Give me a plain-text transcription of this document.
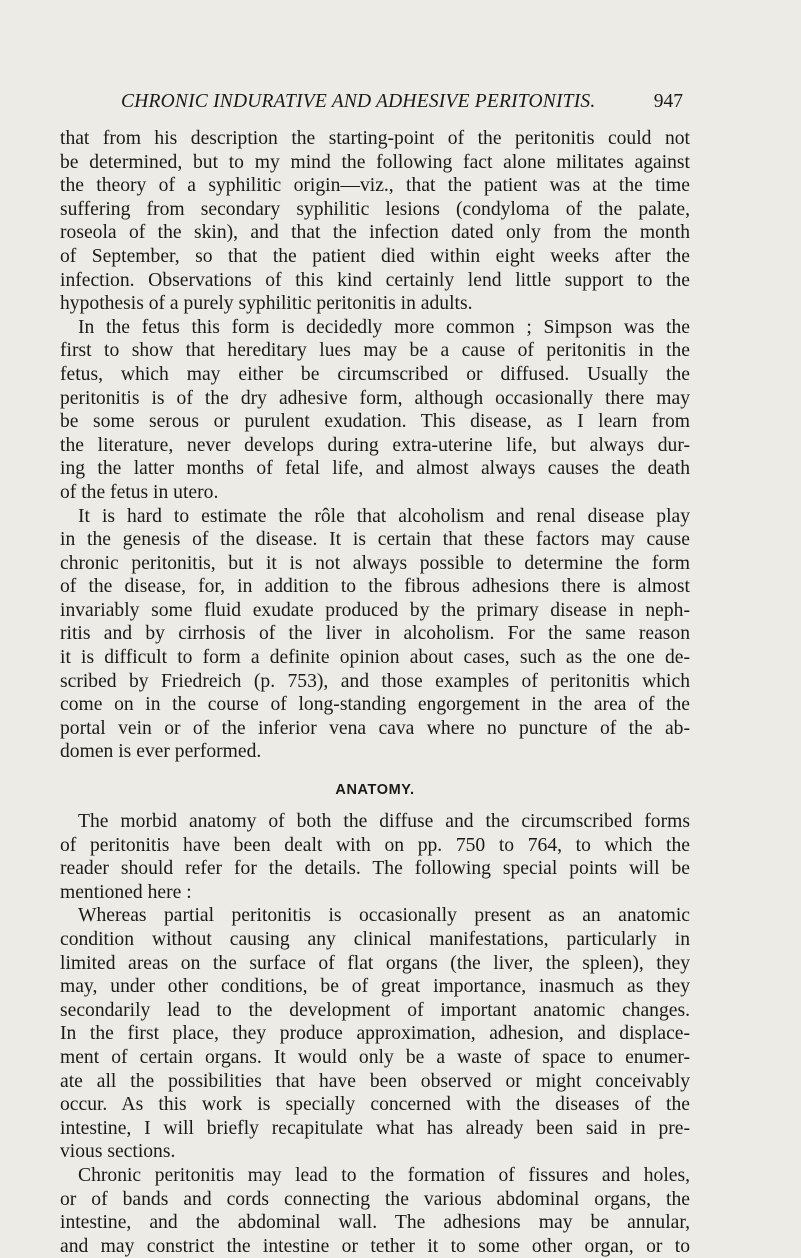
CHRONIC INDURATIVE AND ADHESIVE PERITONITIS.	947
that from his description the starting-point of the peritonitis could not
be determined, but to my mind the following fact alone militates against
the theory of a syphilitic origin—viz., that the patient was at the time
suffering from secondary syphilitic lesions (condyloma of the palate,
roseola of the skin), and that the infection dated only from the month
of September, so that the patient died within eight weeks after the
infection. Observations of this kind certainly lend little support to the
hypothesis of a purely syphilitic peritonitis in adults.
In the fetus this form is decidedly more common ; Simpson was the
first to show that hereditary lues may be a cause of peritonitis in the
fetus, which may either be circumscribed or diffused. Usually the
peritonitis is of the dry adhesive form, although occasionally there may
be some serous or purulent exudation. This disease, as I learn from
the literature, never develops during extra-uterine life, but always dur-
ing the latter months of fetal life, and almost always causes the death
of the fetus in utero.
It is hard to estimate the rôle that alcoholism and renal disease play
in the genesis of the disease. It is certain that these factors may cause
chronic peritonitis, but it is not always possible to determine the form
of the disease, for, in addition to the fibrous adhesions there is almost
invariably some fluid exudate produced by the primary disease in neph-
ritis and by cirrhosis of the liver in alcoholism. For the same reason
it is difficult to form a definite opinion about cases, such as the one de-
scribed by Friedreich (p. 753), and those examples of peritonitis which
come on in the course of long-standing engorgement in the area of the
portal vein or of the inferior vena cava where no puncture of the ab-
domen is ever performed.
ANATOMY.
The morbid anatomy of both the diffuse and the circumscribed forms
of peritonitis have been dealt with on pp. 750 to 764, to which the
reader should refer for the details. The following special points will be
mentioned here :
Whereas partial peritonitis is occasionally present as an anatomic
condition without causing any clinical manifestations, particularly in
limited areas on the surface of flat organs (the liver, the spleen), they
may, under other conditions, be of great importance, inasmuch as they
secondarily lead to the development of important anatomic changes.
In the first place, they produce approximation, adhesion, and displace-
ment of certain organs. It would only be a waste of space to enumer-
ate all the possibilities that have been observed or might conceivably
occur. As this work is specially concerned with the diseases of the
intestine, I will briefly recapitulate what has already been said in pre-
vious sections.
Chronic peritonitis may lead to the formation of fissures and holes,
or of bands and cords connecting the various abdominal organs, the
intestine, and the abdominal wall. The adhesions may be annular,
and may constrict the intestine or tether it to some other organ, or to
